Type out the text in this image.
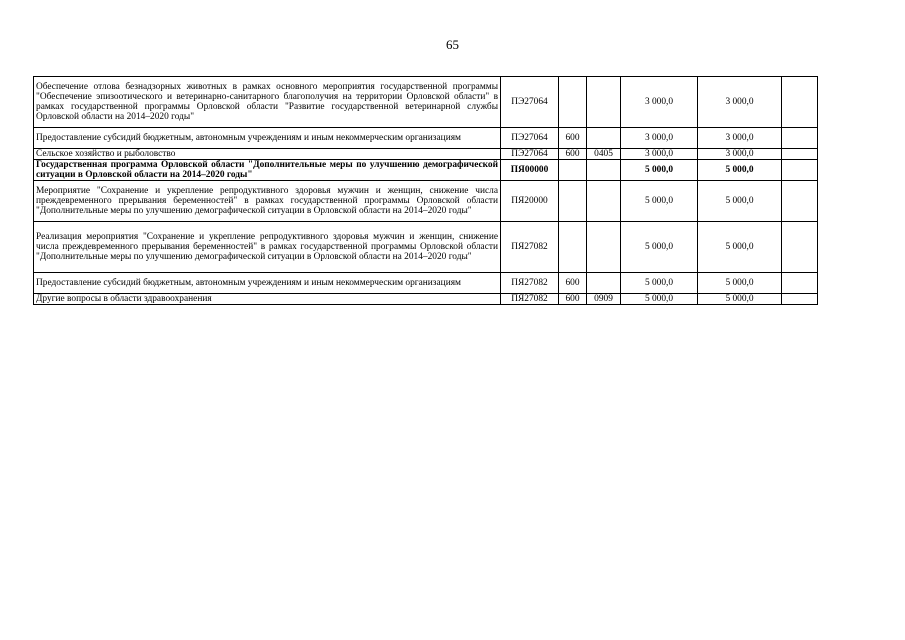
65
Обеспечение отлова безнадзорных животных в рамках основного мероприятия государственной программы "Обеспечение эпизоотического и ветеринарно-санитарного благополучия на территории Орловской области" в рамках государственной программы Орловской области "Развитие государственной ветеринарной службы Орловской области на 2014–2020 годы"	ПЭ27064			3 000,0	3 000,0	
Предоставление субсидий бюджетным, автономным учреждениям и иным некоммерческим организациям	ПЭ27064	600		3 000,0	3 000,0	
Сельское хозяйство и рыболовство	ПЭ27064	600	0405	3 000,0	3 000,0	
Государственная программа Орловской области "Дополнительные меры по улучшению демографической ситуации в Орловской области на 2014–2020 годы"	ПЯ00000			5 000,0	5 000,0	
Мероприятие "Сохранение и укрепление репродуктивного здоровья мужчин и женщин, снижение числа преждевременного прерывания беременностей" в рамках государственной программы Орловской области "Дополнительные меры по улучшению демографической ситуации в Орловской области на 2014–2020 годы"	ПЯ20000			5 000,0	5 000,0	
Реализация мероприятия "Сохранение и укрепление репродуктивного здоровья мужчин и женщин, снижение числа преждевременного прерывания беременностей" в рамках государственной программы Орловской области "Дополнительные меры по улучшению демографической ситуации в Орловской области на 2014–2020 годы"	ПЯ27082			5 000,0	5 000,0	
Предоставление субсидий бюджетным, автономным учреждениям и иным некоммерческим организациям	ПЯ27082	600		5 000,0	5 000,0	
Другие вопросы в области здравоохранения	ПЯ27082	600	0909	5 000,0	5 000,0	
